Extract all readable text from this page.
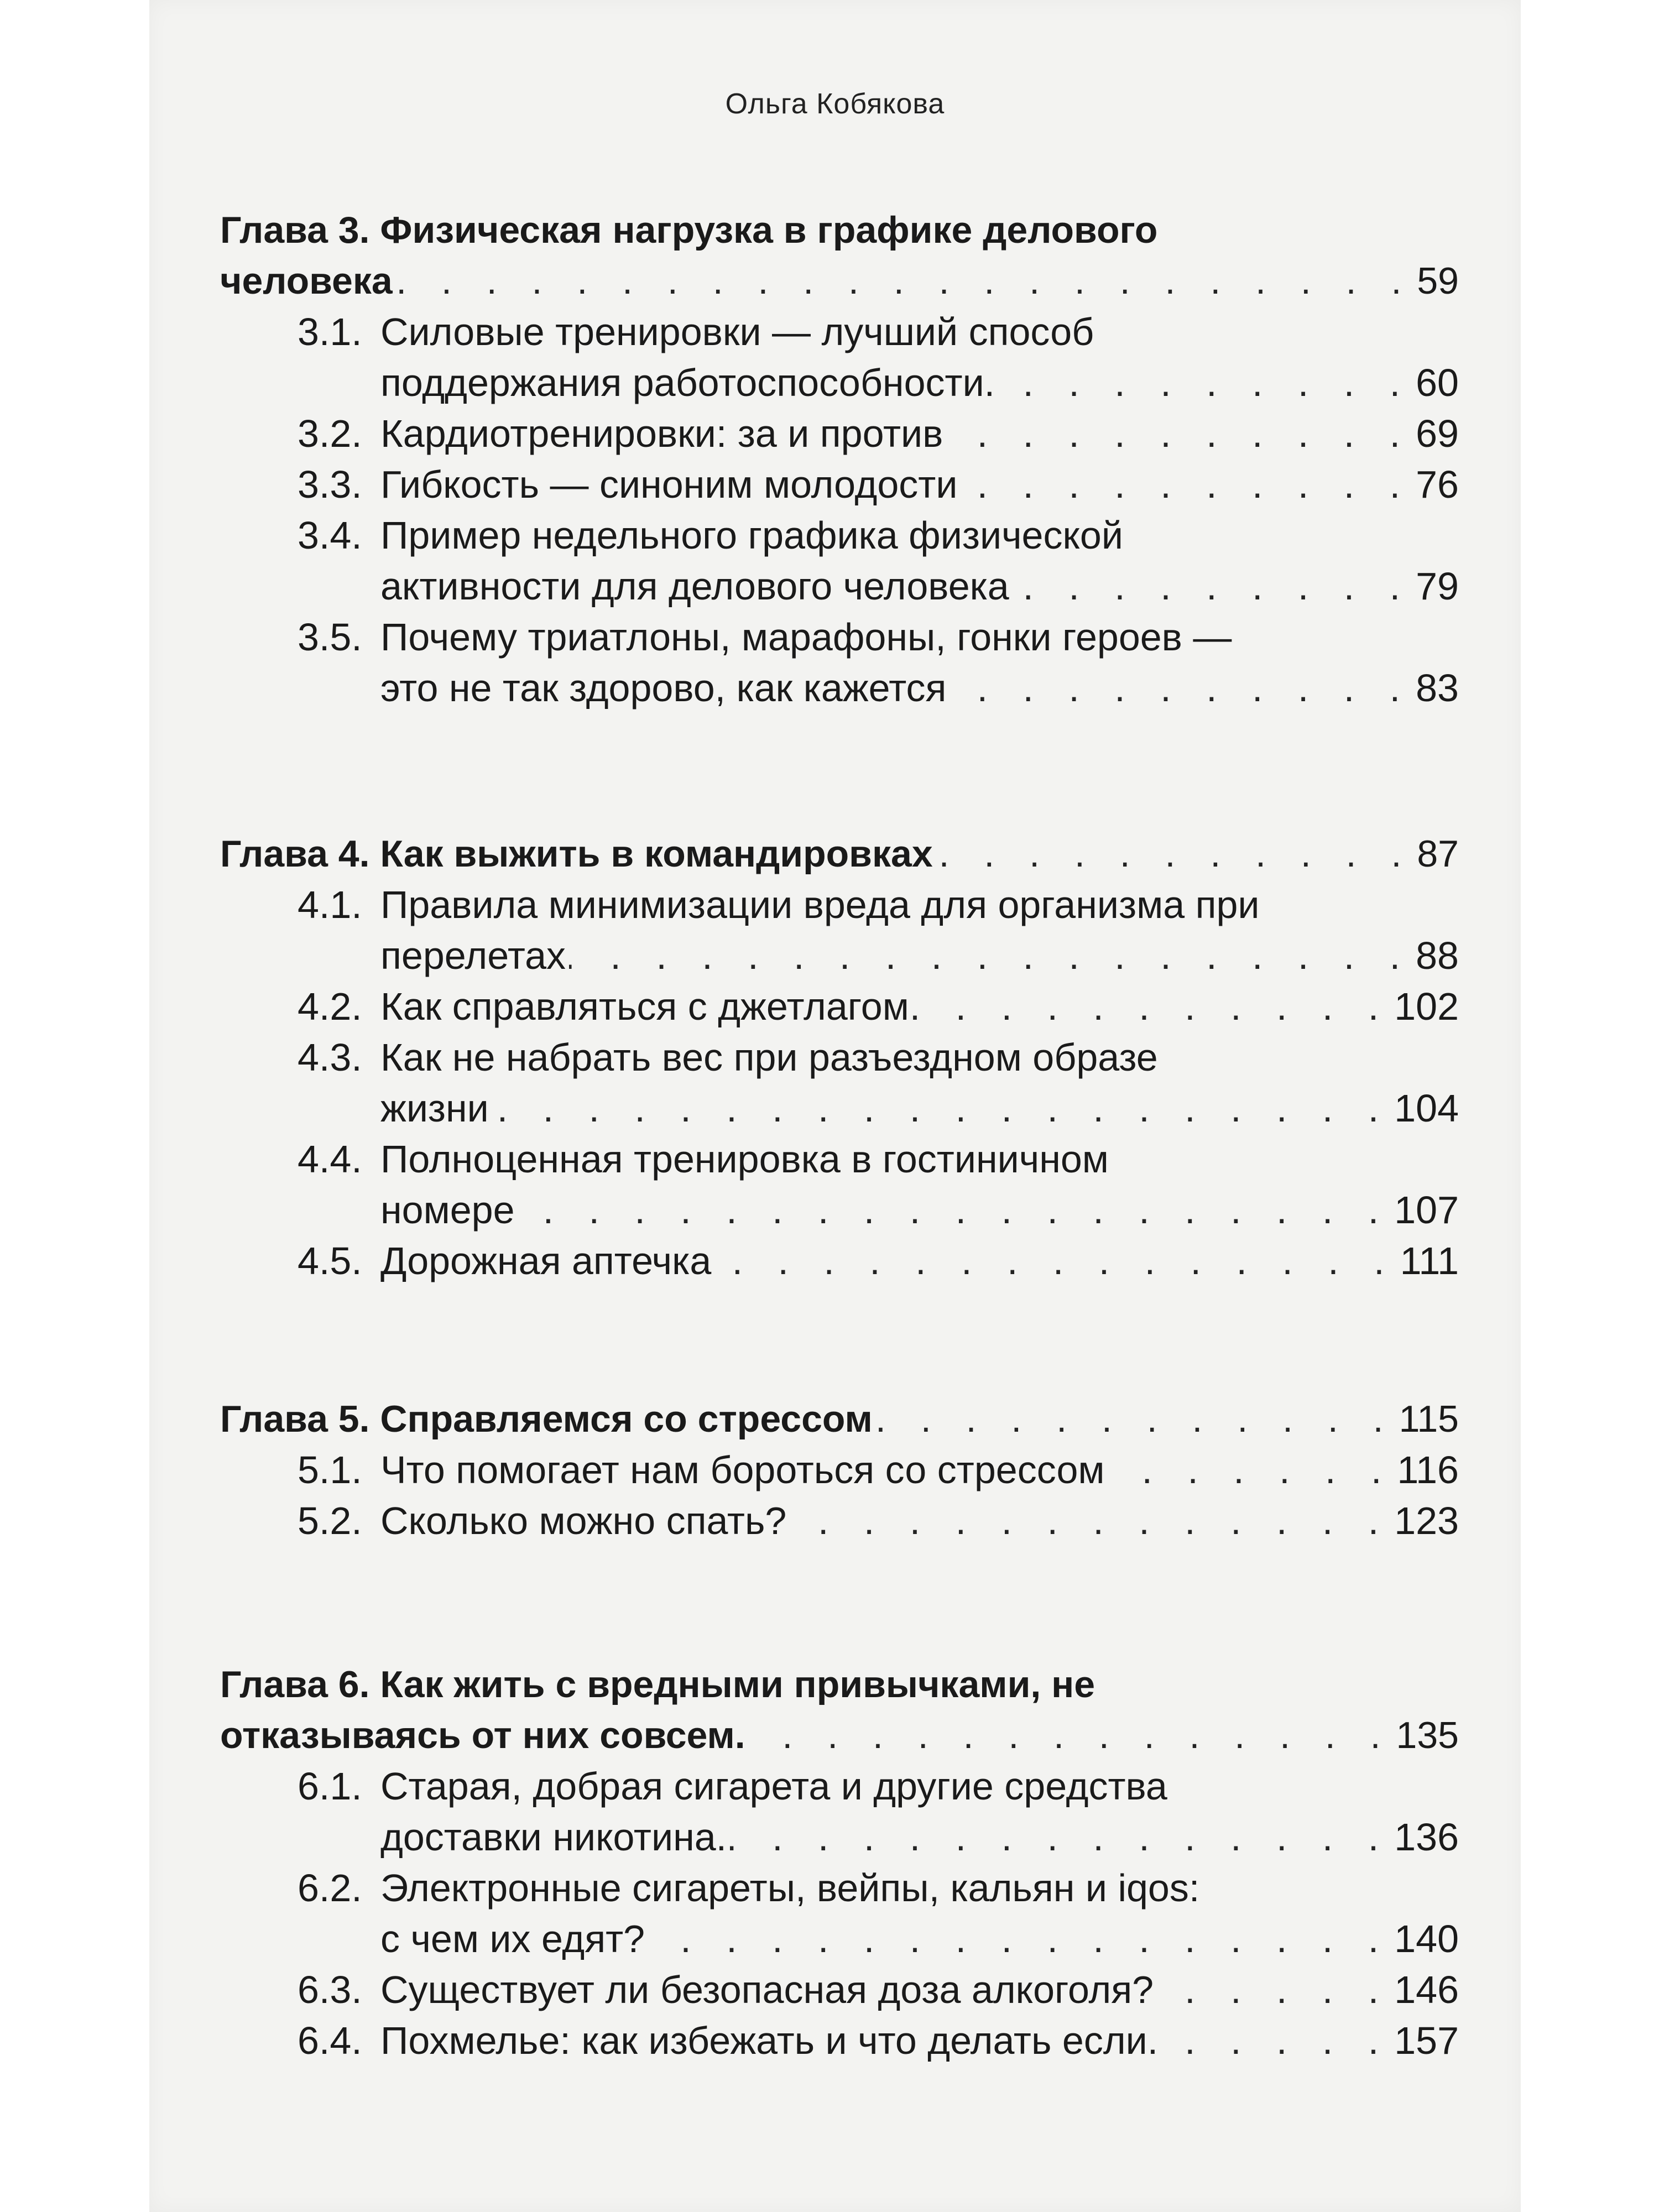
Ольга Кобякова
Глава 3. Физическая нагрузка в графике делового
человека . . .	59
3.1. Силовые тренировки — лучший способ
поддержания работоспособности. . . .	60
3.2. Кардиотренировки: за и против . . .	69
3.3. Гибкость — синоним молодости . . .	76
3.4. Пример недельного графика физической
активности для делового человека . . .	79
3.5. Почему триатлоны, марафоны, гонки героев —
это не так здорово, как кажется . . .	83
Глава 4. Как выжить в командировках . . .	87
4.1. Правила минимизации вреда для организма при
перелетах . . .	88
4.2. Как справляться с джетлагом . . .	102
4.3. Как не набрать вес при разъездном образе
жизни . . .	104
4.4. Полноценная тренировка в гостиничном
номере . . .	107
4.5. Дорожная аптечка . . .	111
Глава 5. Справляемся со стрессом . . .	115
5.1. Что помогает нам бороться со стрессом . . .	116
5.2. Сколько можно спать? . . .	123
Глава 6. Как жить с вредными привычками, не
отказываясь от них совсем. . . .	135
6.1. Старая, добрая сигарета и другие средства
доставки никотина. . . .	136
6.2. Электронные сигареты, вейпы, кальян и iqos:
с чем их едят? . . .	140
6.3. Существует ли безопасная доза алкоголя? . . .	146
6.4. Похмелье: как избежать и что делать если. . . .	157
